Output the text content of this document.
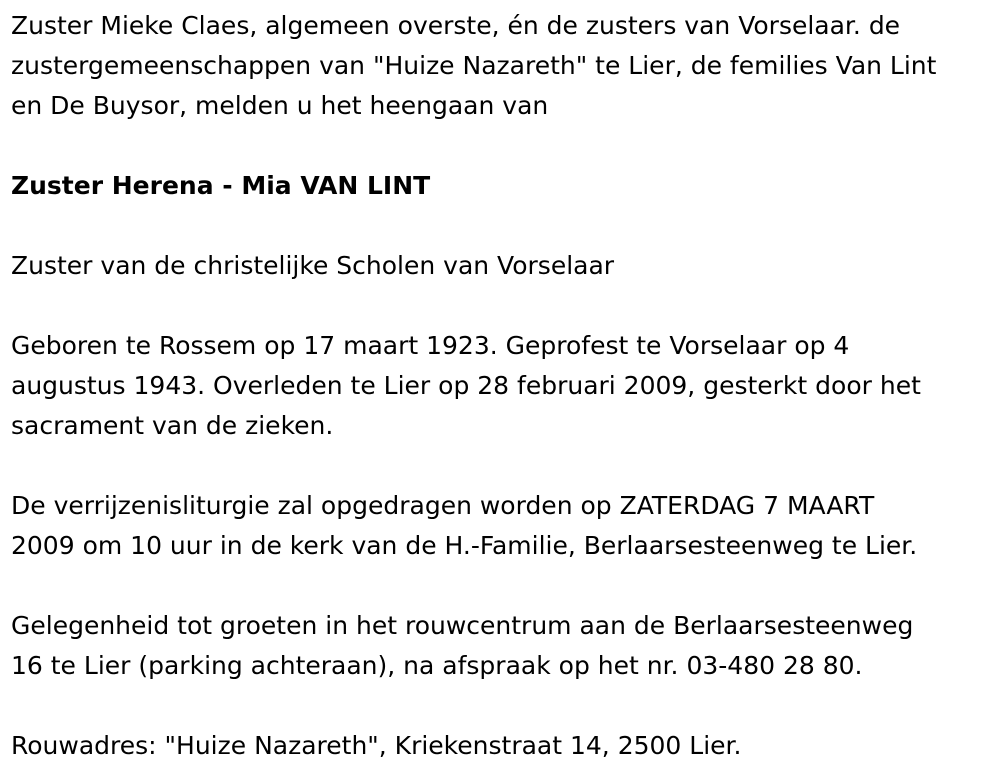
Zuster Mieke Claes, algemeen overste, én de zusters van Vorselaar. de
zustergemeenschappen van "Huize Nazareth" te Lier, de femilies Van Lint
en De Buysor, melden u het heengaan van

Zuster Herena - Mia VAN LINT

Zuster van de christelijke Scholen van Vorselaar

Geboren te Rossem op 17 maart 1923. Geprofest te Vorselaar op 4
augustus 1943. Overleden te Lier op 28 februari 2009, gesterkt door het
sacrament van de zieken.

De verrijzenisliturgie zal opgedragen worden op ZATERDAG 7 MAART
2009 om 10 uur in de kerk van de H.-Familie, Berlaarsesteenweg te Lier.

Gelegenheid tot groeten in het rouwcentrum aan de Berlaarsesteenweg
16 te Lier (parking achteraan), na afspraak op het nr. 03-480 28 80.

Rouwadres: "Huize Nazareth", Kriekenstraat 14, 2500 Lier.
